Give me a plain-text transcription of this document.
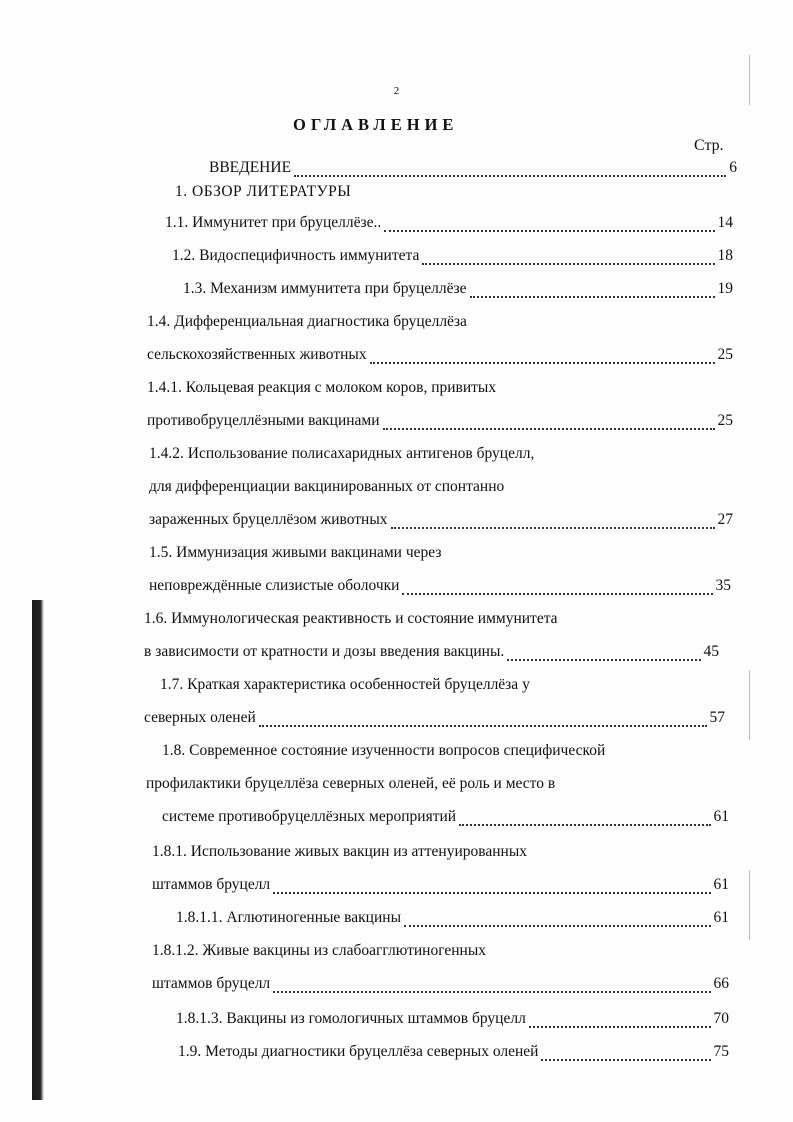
2
ОГЛАВЛЕНИЕ
Стр.
ВВЕДЕНИЕ	6
1. ОБЗОР ЛИТЕРАТУРЫ
1.1. Иммунитет при бруцеллёзе..	14
1.2. Видоспецифичность иммунитета	18
1.3. Механизм иммунитета при бруцеллёзе	19
1.4. Дифференциальная диагностика бруцеллёза
сельскохозяйственных животных	25
1.4.1. Кольцевая реакция с молоком коров, привитых
противобруцеллёзными вакцинами	25
1.4.2. Использование полисахаридных антигенов бруцелл,
для дифференциации вакцинированных от спонтанно
зараженных бруцеллёзом животных	27
1.5. Иммунизация живыми вакцинами через
неповреждённые слизистые оболочки	35
1.6. Иммунологическая реактивность и состояние иммунитета
в зависимости от кратности и дозы введения вакцины.	45
1.7. Краткая характеристика особенностей бруцеллёза у
северных оленей	57
1.8. Современное состояние изученности вопросов специфической
профилактики бруцеллёза северных оленей, её роль и место в
системе противобруцеллёзных мероприятий	61
1.8.1. Использование живых вакцин из аттенуированных
штаммов бруцелл	61
1.8.1.1. Аглютиногенные вакцины	61
1.8.1.2. Живые вакцины из слабоагглютиногенных
штаммов бруцелл	66
1.8.1.3. Вакцины из гомологичных штаммов бруцелл	70
1.9. Методы диагностики бруцеллёза северных оленей	75
